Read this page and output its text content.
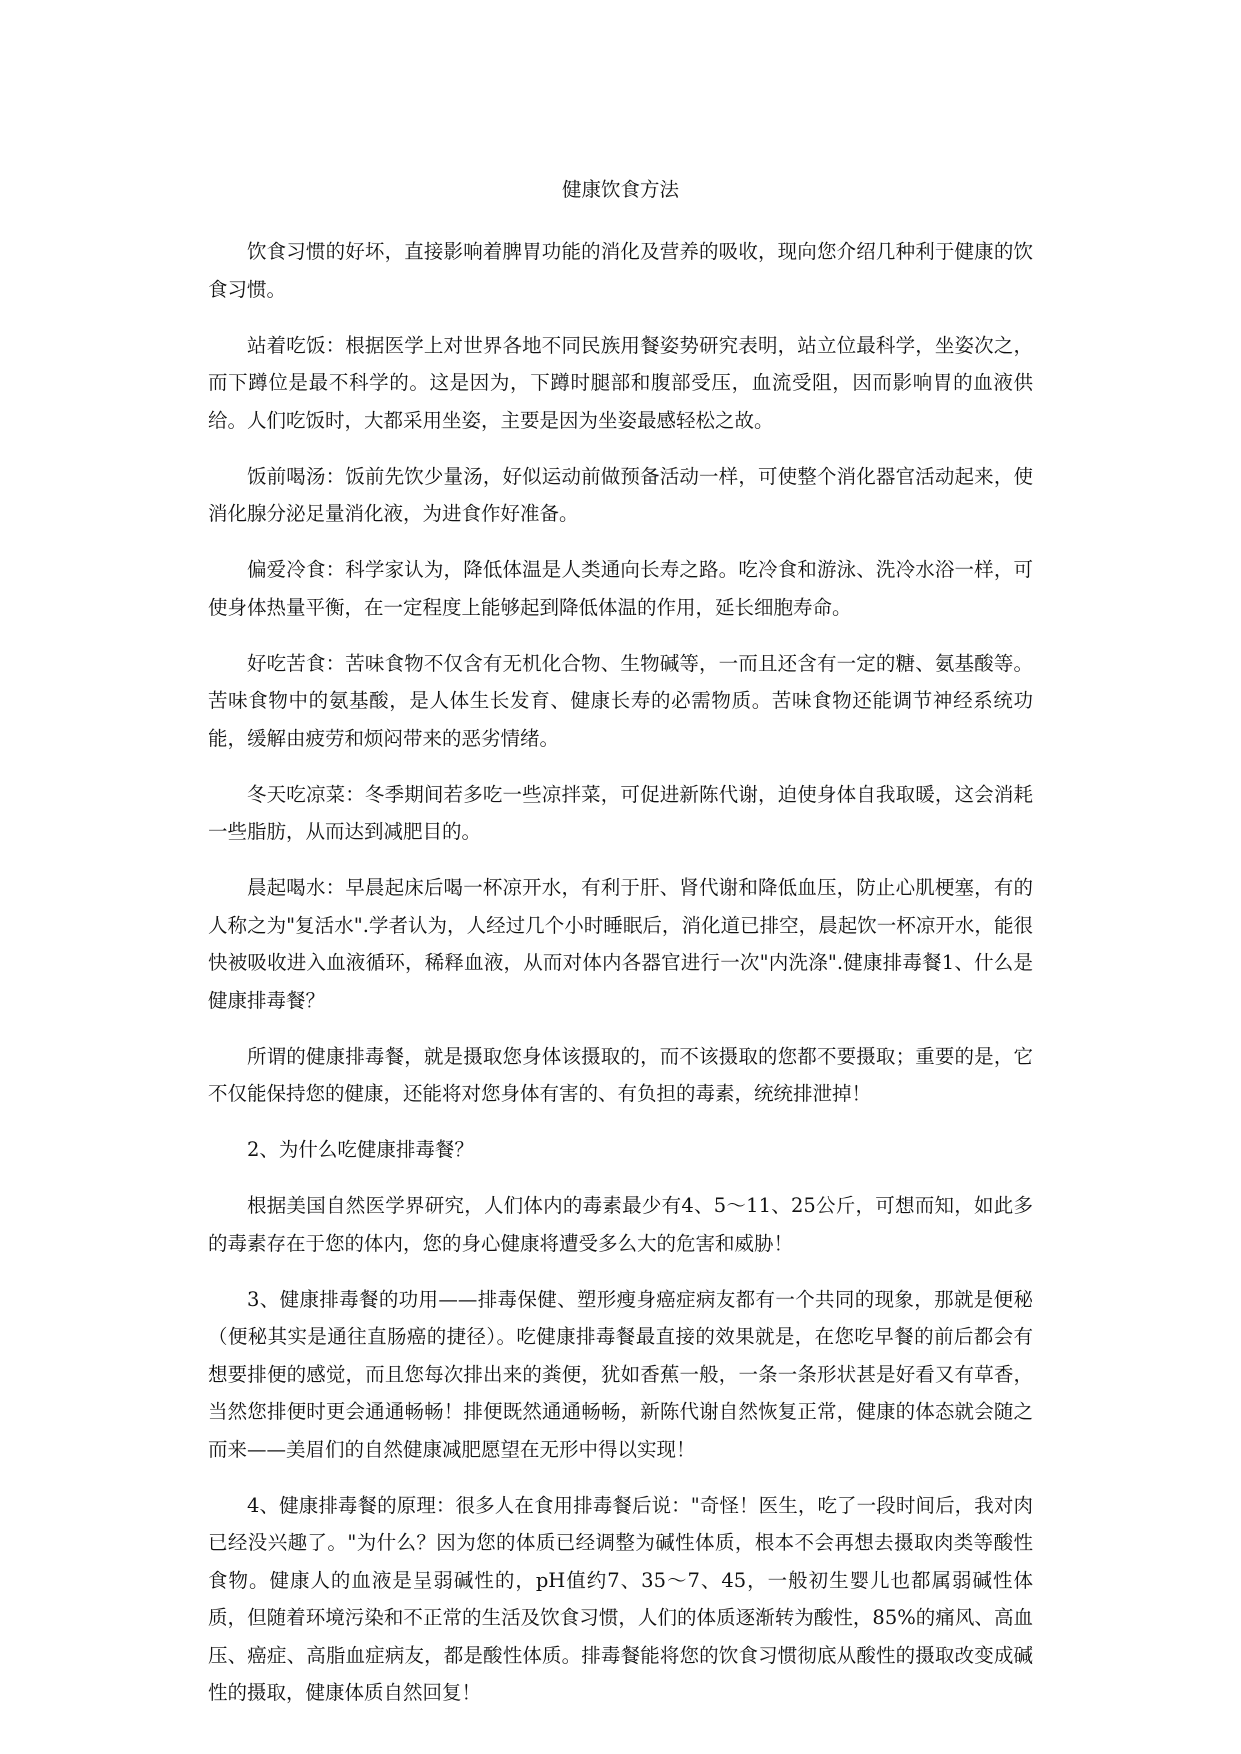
健康饮食方法

饮食习惯的好坏，直接影响着脾胃功能的消化及营养的吸收，现向您介绍几种利于健康的饮食习惯。

站着吃饭：根据医学上对世界各地不同民族用餐姿势研究表明，站立位最科学，坐姿次之，而下蹲位是最不科学的。这是因为，下蹲时腿部和腹部受压，血流受阻，因而影响胃的血液供给。人们吃饭时，大都采用坐姿，主要是因为坐姿最感轻松之故。

饭前喝汤：饭前先饮少量汤，好似运动前做预备活动一样，可使整个消化器官活动起来，使消化腺分泌足量消化液，为进食作好准备。

偏爱冷食：科学家认为，降低体温是人类通向长寿之路。吃冷食和游泳、洗冷水浴一样，可使身体热量平衡，在一定程度上能够起到降低体温的作用，延长细胞寿命。

好吃苦食：苦味食物不仅含有无机化合物、生物碱等，一而且还含有一定的糖、氨基酸等。苦味食物中的氨基酸，是人体生长发育、健康长寿的必需物质。苦味食物还能调节神经系统功能，缓解由疲劳和烦闷带来的恶劣情绪。

冬天吃凉菜：冬季期间若多吃一些凉拌菜，可促进新陈代谢，迫使身体自我取暖，这会消耗一些脂肪，从而达到减肥目的。

晨起喝水：早晨起床后喝一杯凉开水，有利于肝、肾代谢和降低血压，防止心肌梗塞，有的人称之为"复活水".学者认为，人经过几个小时睡眠后，消化道已排空，晨起饮一杯凉开水，能很快被吸收进入血液循环，稀释血液，从而对体内各器官进行一次"内洗涤".健康排毒餐1、什么是健康排毒餐？

所谓的健康排毒餐，就是摄取您身体该摄取的，而不该摄取的您都不要摄取；重要的是，它不仅能保持您的健康，还能将对您身体有害的、有负担的毒素，统统排泄掉！

2、为什么吃健康排毒餐？

根据美国自然医学界研究，人们体内的毒素最少有4、5～11、25公斤，可想而知，如此多的毒素存在于您的体内，您的身心健康将遭受多么大的危害和威胁！

3、健康排毒餐的功用——排毒保健、塑形瘦身癌症病友都有一个共同的现象，那就是便秘（便秘其实是通往直肠癌的捷径）。吃健康排毒餐最直接的效果就是，在您吃早餐的前后都会有想要排便的感觉，而且您每次排出来的粪便，犹如香蕉一般，一条一条形状甚是好看又有草香，当然您排便时更会通通畅畅！排便既然通通畅畅，新陈代谢自然恢复正常，健康的体态就会随之而来——美眉们的自然健康减肥愿望在无形中得以实现！

4、健康排毒餐的原理：很多人在食用排毒餐后说："奇怪！医生，吃了一段时间后，我对肉已经没兴趣了。"为什么？因为您的体质已经调整为碱性体质，根本不会再想去摄取肉类等酸性食物。健康人的血液是呈弱碱性的，pH值约7、35～7、45，一般初生婴儿也都属弱碱性体质，但随着环境污染和不正常的生活及饮食习惯，人们的体质逐渐转为酸性，85%的痛风、高血压、癌症、高脂血症病友，都是酸性体质。排毒餐能将您的饮食习惯彻底从酸性的摄取改变成碱性的摄取，健康体质自然回复！
